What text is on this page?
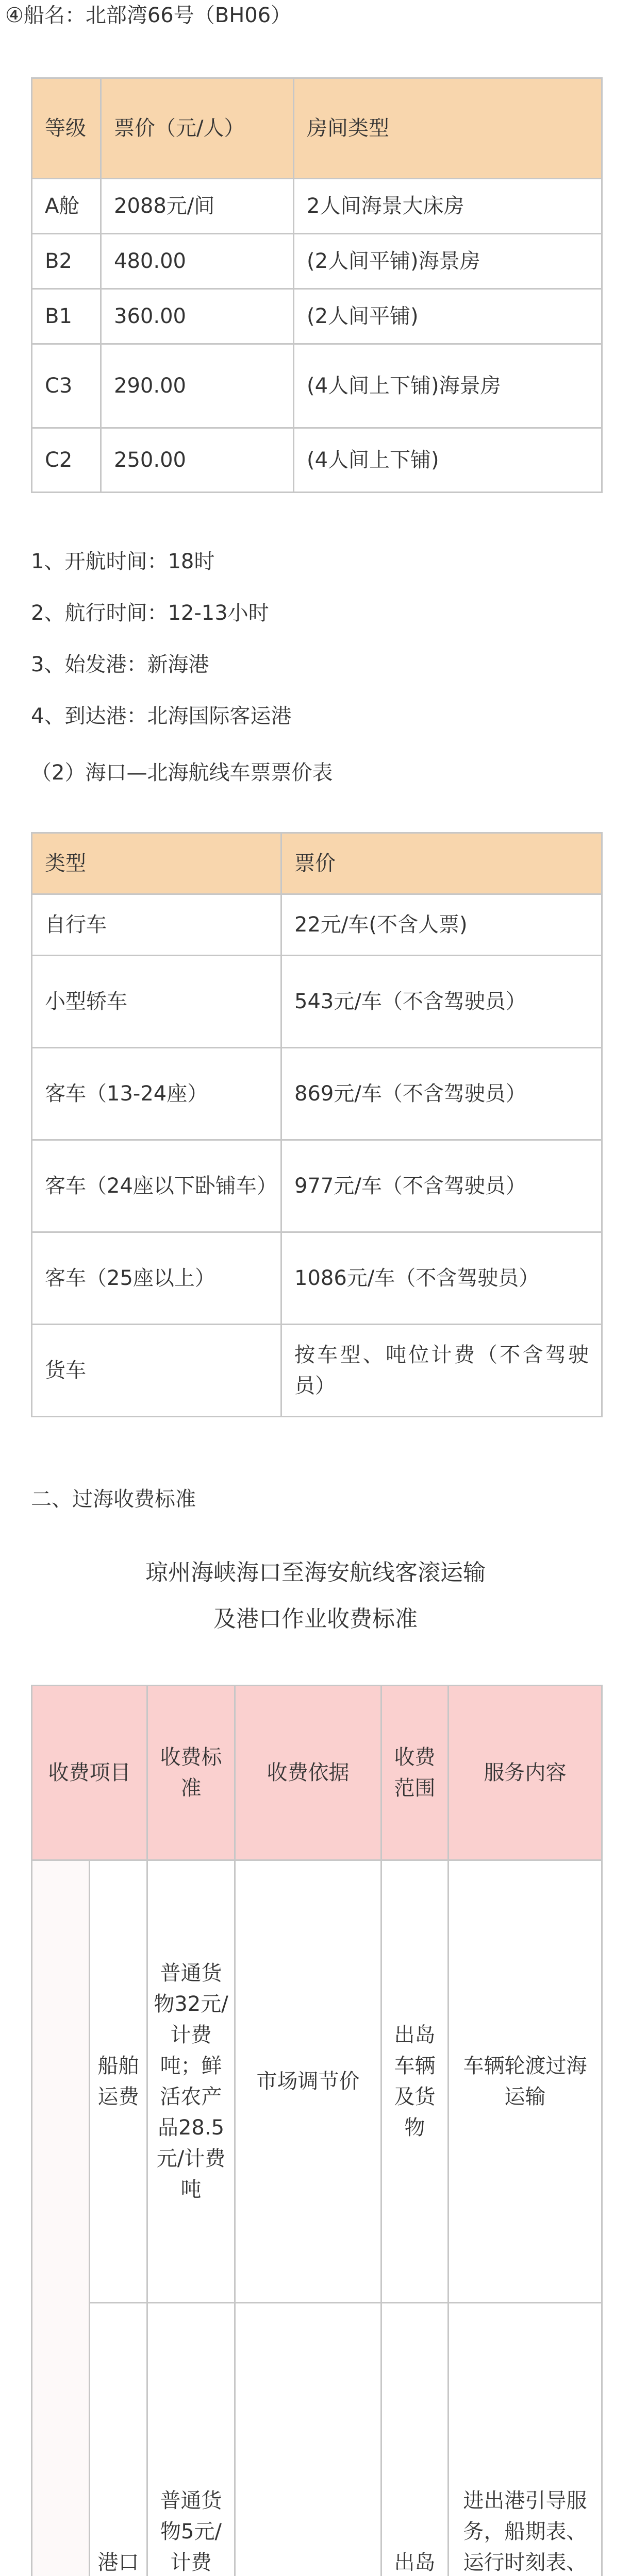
④船名：北部湾66号（BH06）
等级	票价（元/人）	房间类型
A舱	2088元/间	2人间海景大床房
B2	480.00	(2人间平铺)海景房
B1	360.00	(2人间平铺)
C3	290.00	(4人间上下铺)海景房
C2	250.00	(4人间上下铺)
1、开航时间：18时
2、航行时间：12-13小时
3、始发港：新海港
4、到达港：北海国际客运港
（2）海口—北海航线车票票价表
类型	票价
自行车	22元/车(不含人票)
小型轿车	543元/车（不含驾驶员）
客车（13-24座）	869元/车（不含驾驶员）
客车（24座以下卧铺车）	977元/车（不含驾驶员）
客车（25座以上）	1086元/车（不含驾驶员）
货车	按车型、吨位计费（不含驾驶员）
二、过海收费标准
琼州海峡海口至海安航线客滚运输
及港口作业收费标准
收费项目		收费标准	收费依据	收费范围	服务内容
	船舶运费	普通货物32元/计费吨；鲜活农产品28.5元/计费吨	市场调节价	出岛车辆及货物	车辆轮渡过海运输
	港口	普通货物5元/计费		出岛	进出港引导服务，船期表、运行时刻表、
